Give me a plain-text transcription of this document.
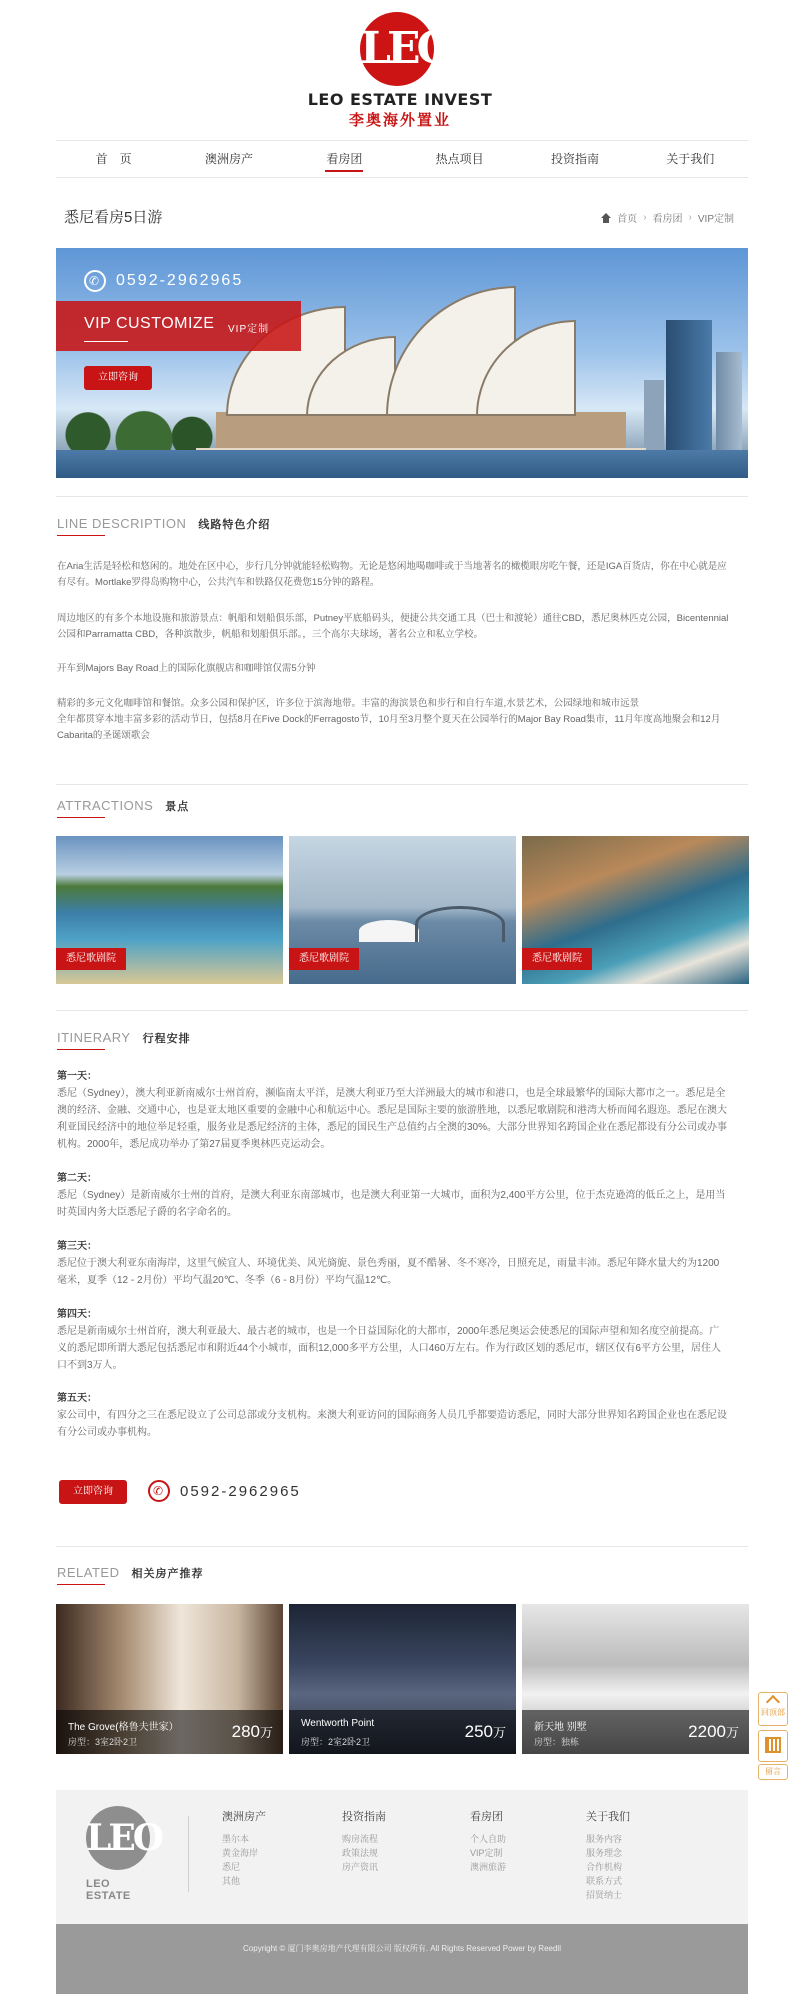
LEO
LEO ESTATE INVEST
李奥海外置业
首　页	澳洲房产	看房团	热点项目	投资指南	关于我们
悉尼看房5日游	首页 › 看房团 › VIP定制
✆
0592-2962965
VIP CUSTOMIZE VIP定制
立即咨询
LINE DESCRIPTION 线路特色介绍
在Aria生活是轻松和悠闲的。地处在区中心，步行几分钟就能轻松购物。无论是悠闲地喝咖啡或于当地著名的橄榄眼房吃午餐，还是IGA百货店，你在中心就是应有尽有。Mortlake罗得岛购物中心，公共汽车和铁路仅花费您15分钟的路程。
周边地区的有多个本地设施和旅游景点：帆船和划船俱乐部，Putney平底船码头，便捷公共交通工具（巴士和渡轮）通往CBD，悉尼奥林匹克公园，Bicentennial公园和Parramatta CBD，各种滨散步，帆船和划船俱乐部。，三个高尔夫球场，著名公立和私立学校。
开车到Majors Bay Road上的国际化旗舰店和咖啡馆仅需5分钟
精彩的多元文化咖啡馆和餐馆。众多公园和保护区，许多位于滨海地带。丰富的海滨景色和步行和自行车道,水景艺术，公园绿地和城市远景
全年都贯穿本地丰富多彩的活动节日，包括8月在Five Dock的Ferragosto节，10月至3月整个夏天在公园举行的Major Bay Road集市，11月年度高地聚会和12月Cabarita的圣诞颂歌会
ATTRACTIONS 景点
悉尼歌剧院	悉尼歌剧院	悉尼歌剧院
ITINERARY 行程安排
第一天：
悉尼（Sydney），澳大利亚新南威尔士州首府，濒临南太平洋，是澳大利亚乃至大洋洲最大的城市和港口，也是全球最繁华的国际大都市之一。悉尼是全澳的经济、金融、交通中心，也是亚太地区重要的金融中心和航运中心。悉尼是国际主要的旅游胜地，以悉尼歌剧院和港湾大桥而闻名遐迩。悉尼在澳大利亚国民经济中的地位举足轻重，服务业是悉尼经济的主体，悉尼的国民生产总值约占全澳的30%。大部分世界知名跨国企业在悉尼都设有分公司或办事机构。2000年，悉尼成功举办了第27届夏季奥林匹克运动会。
第二天：
悉尼（Sydney）是新南威尔士州的首府，是澳大利亚东南部城市，也是澳大利亚第一大城市，面积为2,400平方公里，位于杰克逊湾的低丘之上，是用当时英国内务大臣悉尼子爵的名字命名的。
第三天：
悉尼位于澳大利亚东南海岸，这里气候宜人、环境优美、风光旖旎、景色秀丽，夏不酷暑、冬不寒冷，日照充足，雨量丰沛。悉尼年降水量大约为1200毫米，夏季（12 - 2月份）平均气温20℃、冬季（6 - 8月份）平均气温12℃。
第四天：
悉尼是新南威尔士州首府，澳大利亚最大、最古老的城市，也是一个日益国际化的大都市，2000年悉尼奥运会使悉尼的国际声望和知名度空前提高。广义的悉尼即所谓大悉尼包括悉尼市和附近44个小城市，面积12,000多平方公里，人口460万左右。作为行政区划的悉尼市，辖区仅有6平方公里，居住人口不到3万人。
第五天：
家公司中，有四分之三在悉尼设立了公司总部或分支机构。来澳大利亚访问的国际商务人员几乎都要造访悉尼，同时大部分世界知名跨国企业也在悉尼设有分公司或办事机构。
立即咨询 ✆	0592-2962965
RELATED 相关房产推荐
The Grove(格鲁夫世家）
房型：3室2卧2卫
280万
Wentworth Point
房型：2室2卧2卫
250万	新天地 别墅
房型：独栋
2200万
LEO
LEO ESTATE
澳洲房产
墨尔本
黄金海岸
悉尼
其他
投资指南
购房流程
政策法规
房产资讯
看房团
个人自助
VIP定制
澳洲旅游
关于我们
服务内容
服务理念
合作机构
联系方式
招贤纳士
Copyright © 厦门李奥房地产代理有限公司 版权所有. All Rights Reserved Power by Reedll
回顶部
留言
